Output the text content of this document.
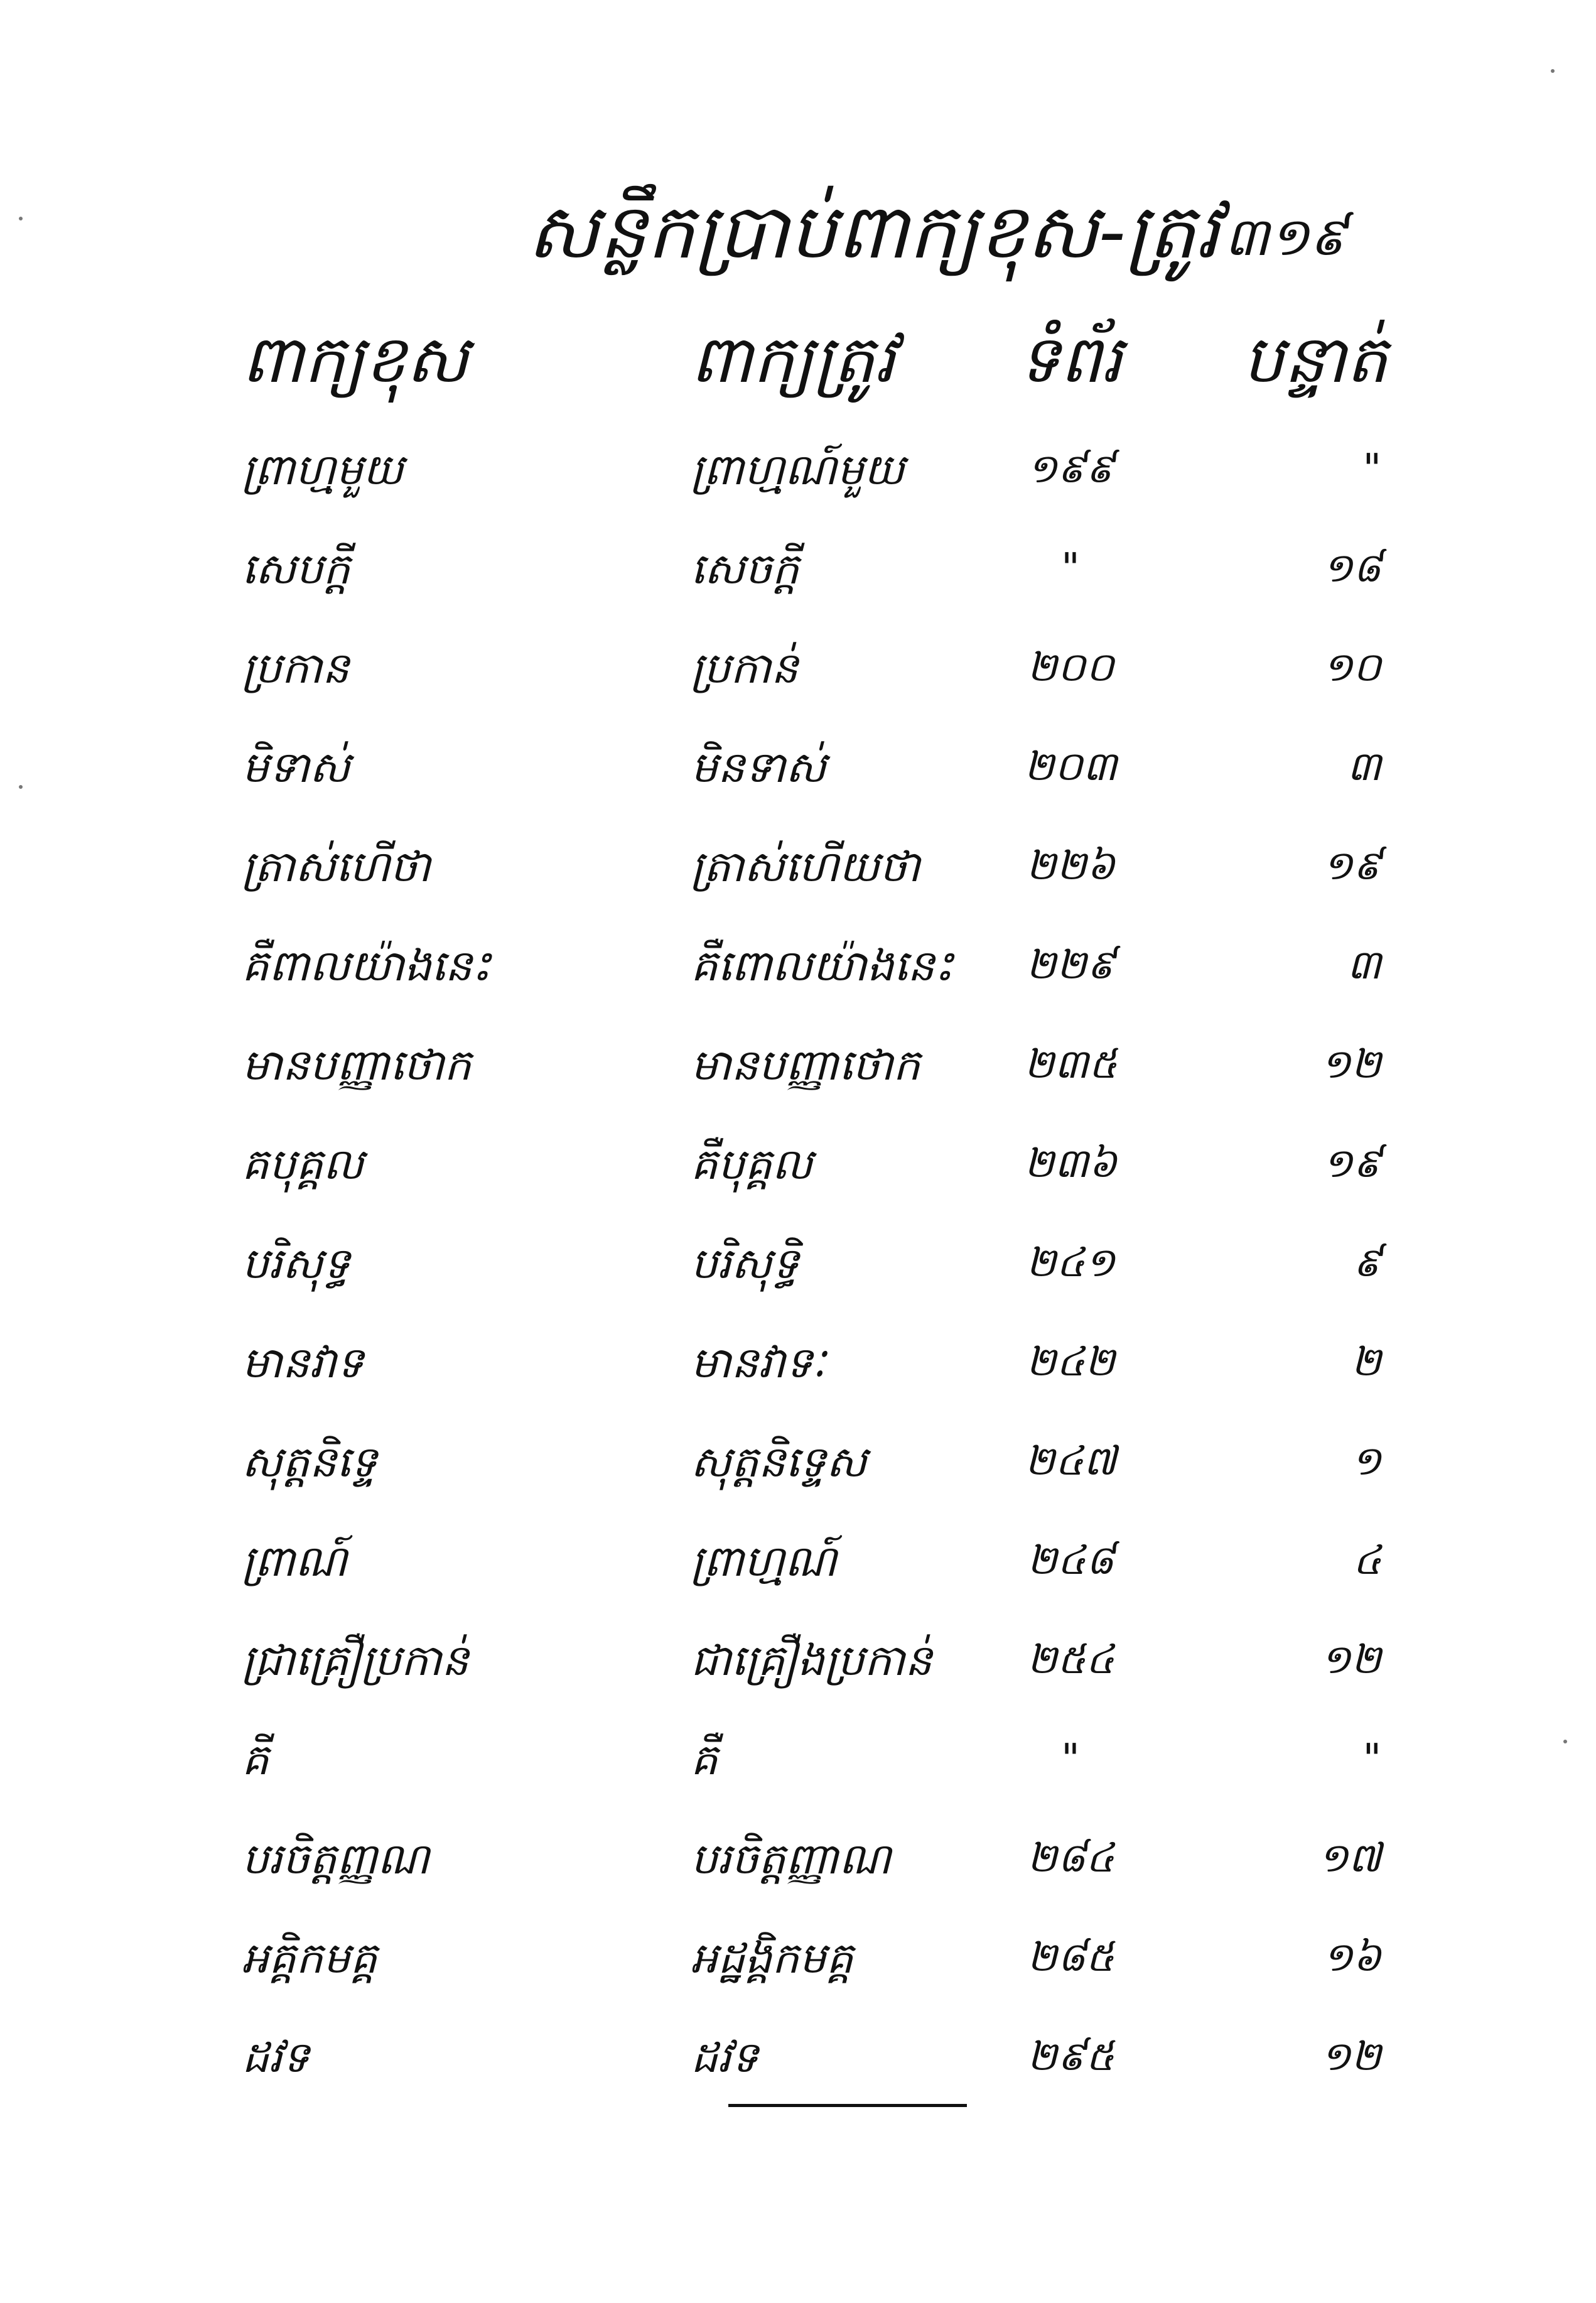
សន្លឹកប្រាប់ពាក្យខុស-ត្រូវ ៣១៩
ពាក្យខុស	ពាក្យត្រូវ	ទំព័រ	បន្ទាត់
ព្រាហ្មមួយ	ព្រាហ្មណ៍មួយ	១៩៩	"
សេបក្តី	សេចក្តី	"	១៨
ប្រកាន	ប្រកាន់	២០០	១០
មិទាស់	មិនទាស់	២០៣	៣
ត្រាស់ហើថា	ត្រាស់ហើយថា	២២៦	១៩
គឺពាលយ៉ាងនេះ	គឺពោលយ៉ាងនេះ	២២៩	៣
មានបញ្ញាថោក	មានបញ្ញាថោក	២៣៥	១២
គបុគ្គល	គឺបុគ្គល	២៣៦	១៩
បរិសុទ្ធ	បរិសុទ្ធិ	២៤១	៩
មានវាទ	មានវាទៈ	២៤២	២
សុត្តនិទ្ទេ	សុត្តនិទ្ទេស	២៤៧	១
ព្រាណ៍	ព្រាហ្មណ៍	២៤៨	៤
ជ្រាគ្រឿប្រកាន់	ជាគ្រឿងប្រកាន់	២៥៤	១២
គី	គឺ	"	"
បរចិត្តញ្ញណ	បរចិត្តញ្ញាណ	២៨៤	១៧
អគ្គិកមគ្គ	អដ្ឋង្គិកមគ្គ	២៨៥	១៦
ដវទ	ដវទ	២៩៥	១២
